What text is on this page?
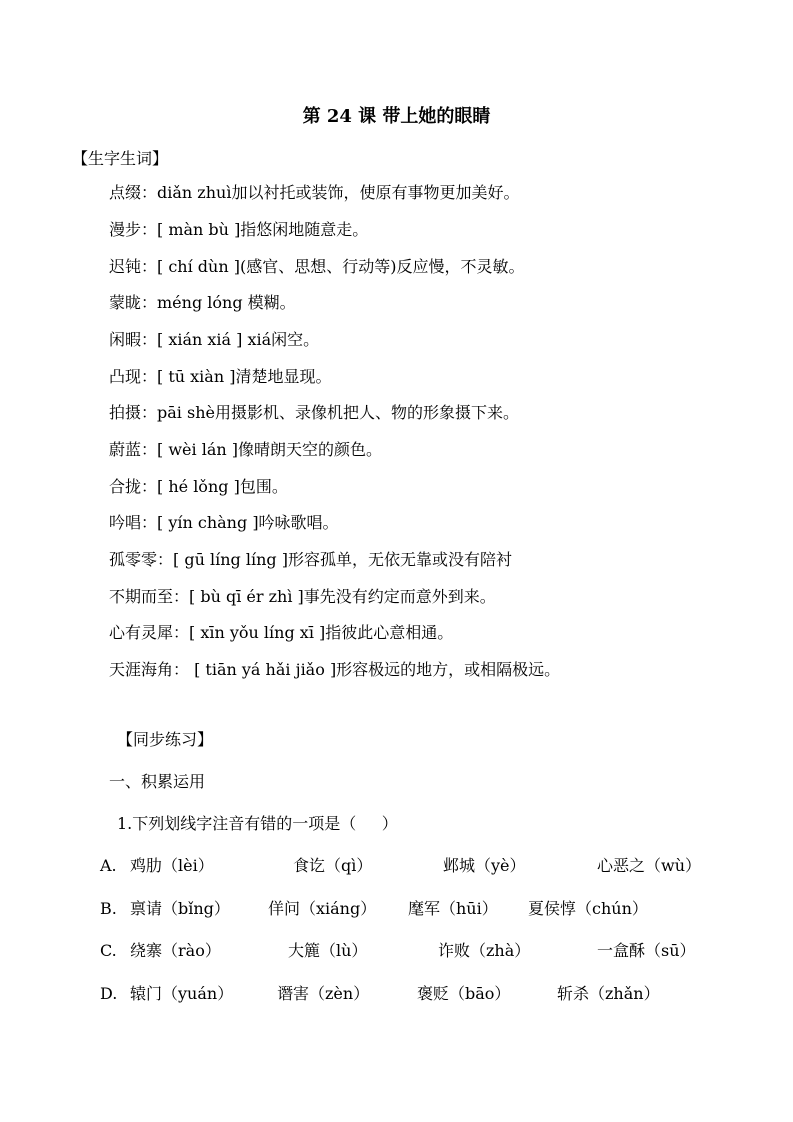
第 24 课 带上她的眼睛
【生字生词】
点缀：diǎn zhuì加以衬托或装饰，使原有事物更加美好。
漫步：[ màn bù ]指悠闲地随意走。
迟钝：[ chí dùn ](感官、思想、行动等)反应慢，不灵敏。
蒙眬：méng lóng 模糊。
闲暇：[ xián xiá ] xiá闲空。
凸现：[ tū xiàn ]清楚地显现。
拍摄：pāi shè用摄影机、录像机把人、物的形象摄下来。
蔚蓝：[ wèi lán ]像晴朗天空的颜色。
合拢：[ hé lǒng ]包围。
吟唱：[ yín chàng ]吟咏歌唱。
孤零零：[ gū líng líng ]形容孤单，无依无靠或没有陪衬
不期而至：[ bù qī ér zhì ]事先没有约定而意外到来。
心有灵犀：[ xīn yǒu líng xī ]指彼此心意相通。
天涯海角： [ tiān yá hǎi jiǎo ]形容极远的地方，或相隔极远。
【同步练习】
一、积累运用
1.下列划线字注音有错的一项是（     ）
A. 鸡肋（lèi）	食讫（qì）	邺城（yè）	心恶之（wù）
B. 禀请（bǐng） 佯问（xiáng） 麾军（hūi） 夏侯惇（chún）
C. 绕寨（rào）	大簏（lù）	诈败（zhà）	一盒酥（sū）
D. 辕门（yuán）	谮害（zèn）	褒贬（bāo）	斩杀（zhǎn）
